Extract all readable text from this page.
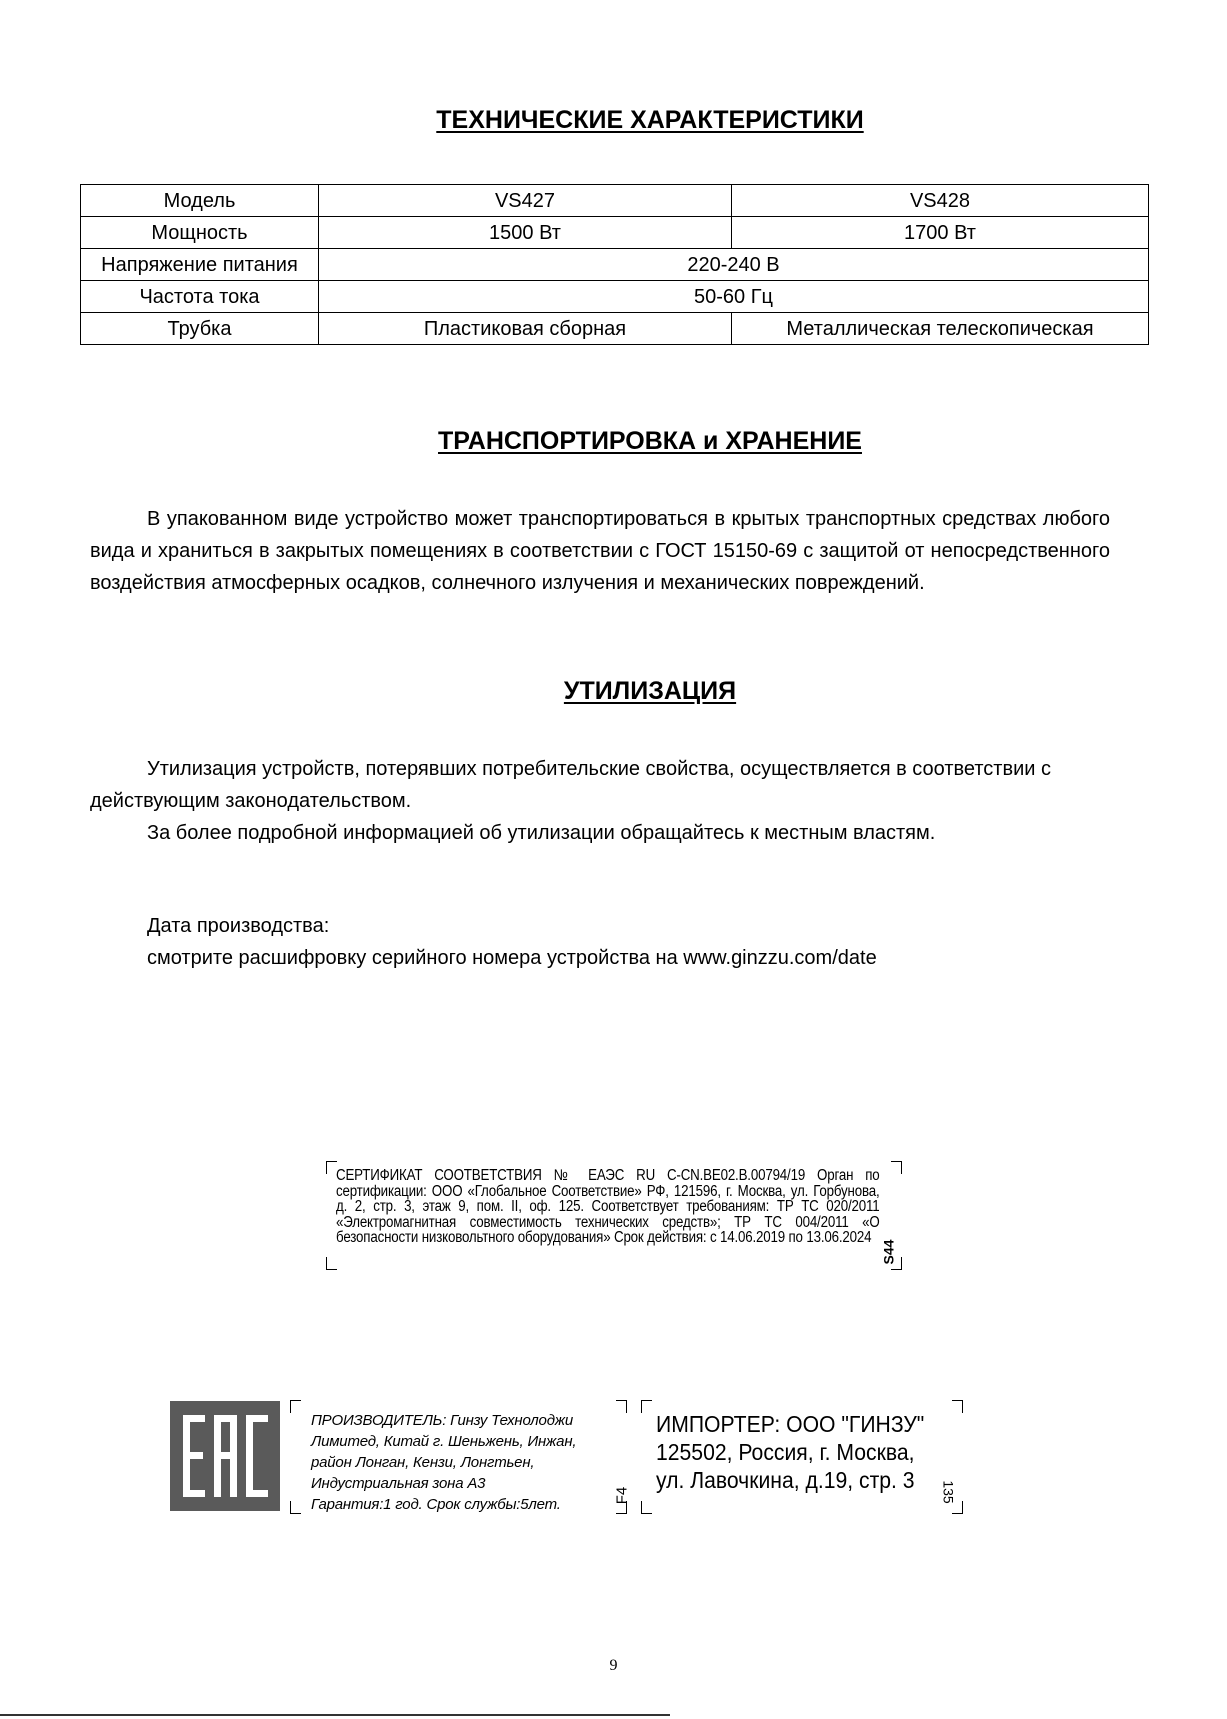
ТЕХНИЧЕСКИЕ ХАРАКТЕРИСТИКИ
Модель	VS427	VS428
Мощность	1500 Вт	1700 Вт
Напряжение питания	220-240 В	
Частота тока	50-60 Гц	
Трубка	Пластиковая сборная	Металлическая телескопическая
ТРАНСПОРТИРОВКА и ХРАНЕНИЕ

В упакованном виде устройство может транспортироваться в крытых транспортных средствах любого вида и храниться в закрытых помещениях в соответствии с ГОСТ 15150-69 с защитой от непосредственного воздействия атмосферных осадков, солнечного излучения и механических повреждений.

УТИЛИЗАЦИЯ

Утилизация устройств, потерявших потребительские свойства, осуществляется в соответствии с действующим законодательством.

За более подробной информацией об утилизации обращайтесь к местным властям.

Дата производства:

смотрите расшифровку серийного номера устройства на www.ginzzu.com/date

СЕРТИФИКАТ СООТВЕТСТВИЯ № ЕАЭС RU C-CN.BE02.B.00794/19 Орган по сертификации: ООО «Глобальное Соответствие» РФ, 121596, г. Москва, ул. Горбунова, д. 2, стр. 3, этаж 9, пом. II, оф. 125. Соответствует требованиям: ТР ТС 020/2011 «Электромагнитная совместимость технических средств»; ТР ТС 004/2011 «О безопасности низковольтного оборудования» Срок действия: с 14.06.2019 по 13.06.2024
S44
ПРОИЗВОДИТЕЛЬ: Гинзу Технолоджи
Лимитед, Китай г. Шеньжень, Инжан,
район Лонган, Кензи, Лонгтьен,
Индустриальная зона А3
Гарантия:1 год. Срок службы:5лет.
F4
ИМПОРТЕР: ООО "ГИНЗУ"
125502, Россия, г. Москва,
ул. Лавочкина, д.19, стр. 3	135
9
